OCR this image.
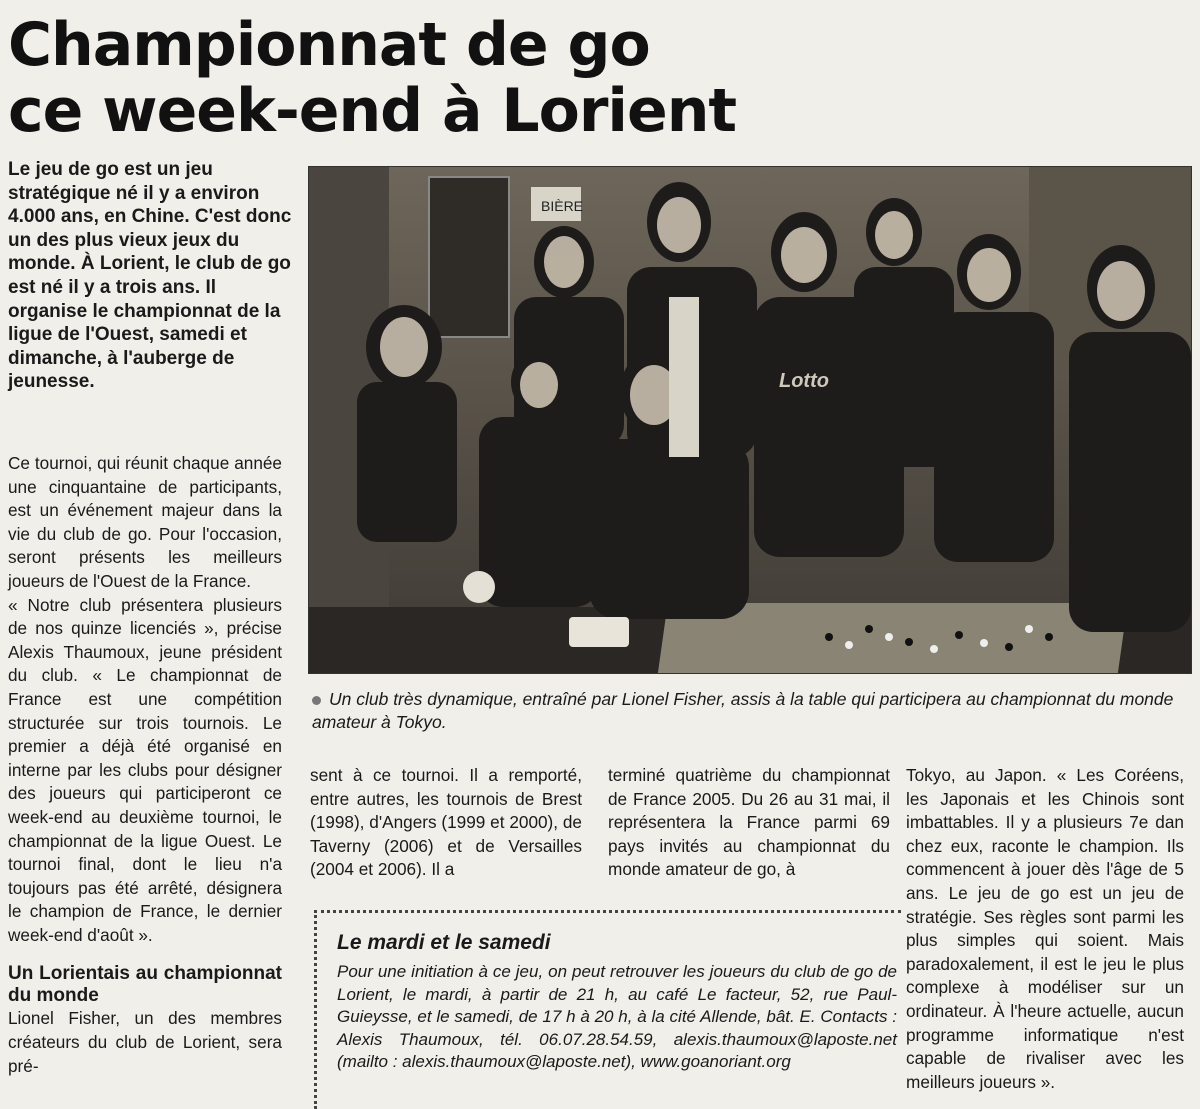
Championnat de go
ce week-end à Lorient
Le jeu de go est un jeu stratégique né il y a environ 4.000 ans, en Chine. C'est donc un des plus vieux jeux du monde. À Lorient, le club de go est né il y a trois ans. Il organise le championnat de la ligue de l'Ouest, samedi et dimanche, à l'auberge de jeunesse.

Ce tournoi, qui réunit chaque année une cinquantaine de participants, est un événement majeur dans la vie du club de go. Pour l'occasion, seront présents les meilleurs joueurs de l'Ouest de la France.

« Notre club présentera plusieurs de nos quinze licenciés », précise Alexis Thaumoux, jeune président du club. « Le championnat de France est une compétition structurée sur trois tournois. Le premier a déjà été organisé en interne par les clubs pour désigner des joueurs qui participeront ce week-end au deuxième tournoi, le championnat de la ligue Ouest. Le tournoi final, dont le lieu n'a toujours pas été arrêté, désignera le champion de France, le dernier week-end d'août ».

Un Lorientais au championnat du monde

Lionel Fisher, un des membres créateurs du club de Lorient, sera pré-

BIÈRE
Lotto
Un club très dynamique, entraîné par Lionel Fisher, assis à la table qui participera au championnat du monde amateur à Tokyo.

sent à ce tournoi. Il a remporté, entre autres, les tournois de Brest (1998), d'Angers (1999 et 2000), de Taverny (2006) et de Versailles (2004 et 2006). Il a

terminé quatrième du championnat de France 2005. Du 26 au 31 mai, il représentera la France parmi 69 pays invités au championnat du monde amateur de go, à

Tokyo, au Japon. « Les Coréens, les Japonais et les Chinois sont imbattables. Il y a plusieurs 7e dan chez eux, raconte le champion. Ils commencent à jouer dès l'âge de 5 ans. Le jeu de go est un jeu de stratégie. Ses règles sont parmi les plus simples qui soient. Mais paradoxalement, il est le jeu le plus complexe à modéliser sur un ordinateur. À l'heure actuelle, aucun programme informatique n'est capable de rivaliser avec les meilleurs joueurs ».

Le mardi et le samedi
Pour une initiation à ce jeu, on peut retrouver les joueurs du club de go de Lorient, le mardi, à partir de 21 h, au café Le facteur, 52, rue Paul-Guieysse, et le samedi, de 17 h à 20 h, à la cité Allende, bât. E. Contacts : Alexis Thaumoux, tél. 06.07.28.54.59, alexis.thaumoux@laposte.net (mailto : alexis.thaumoux@laposte.net), www.goanoriant.org
